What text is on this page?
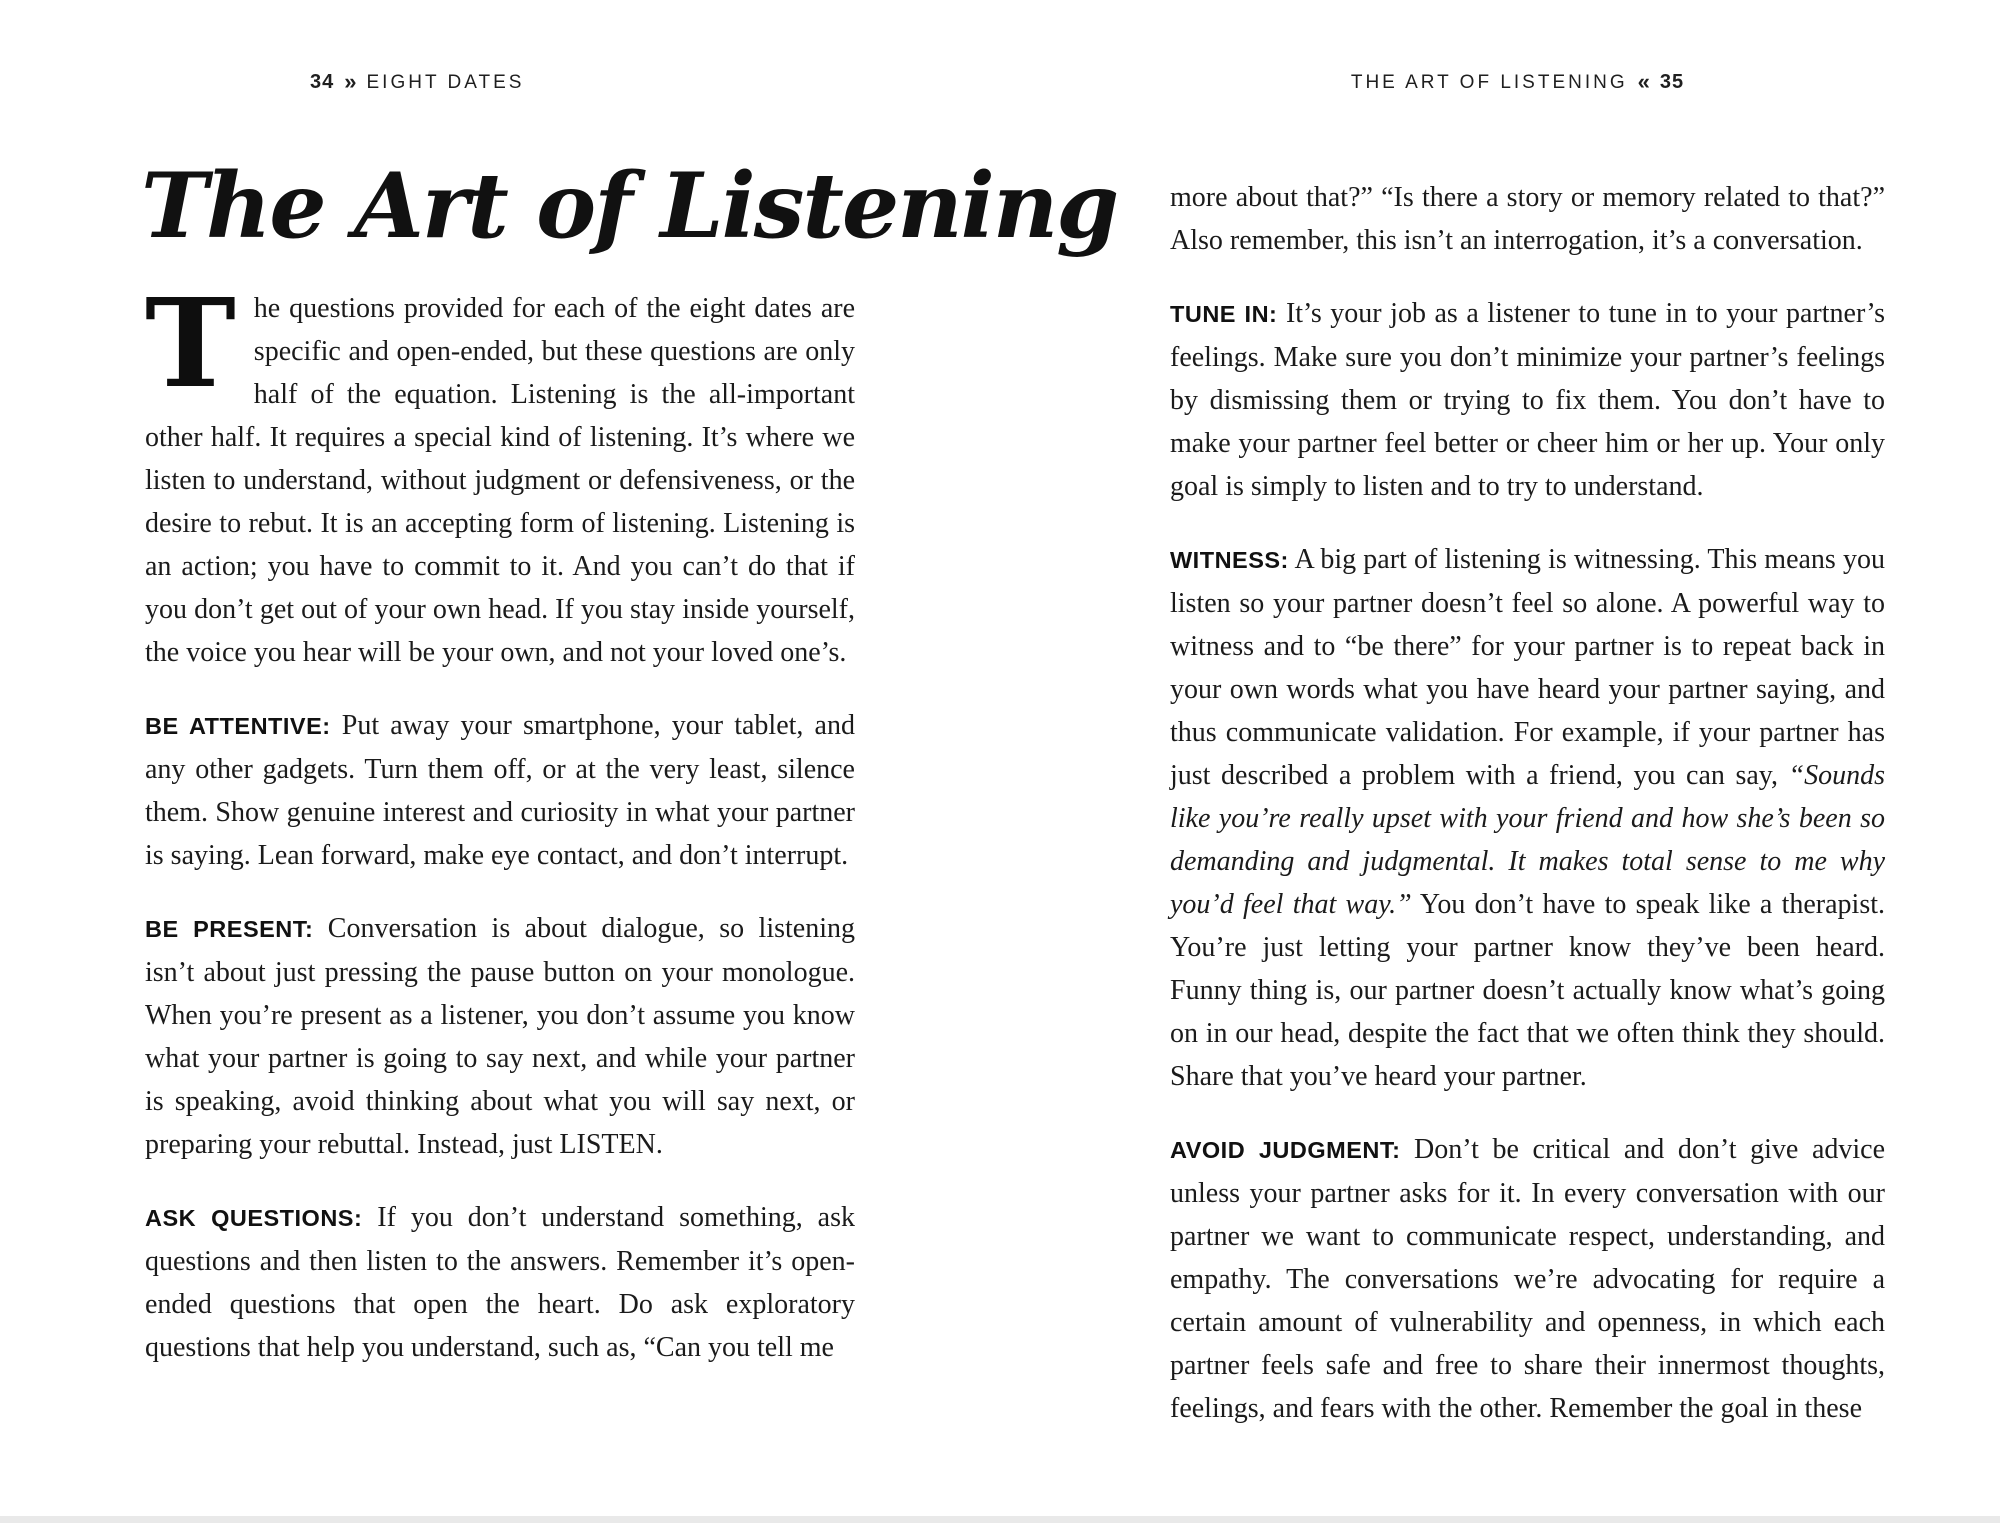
34 » EIGHT DATES
The Art of Listening

The questions provided for each of the eight dates are specific and open-ended, but these questions are only half of the equation. Listening is the all-important other half. It requires a special kind of listening. It’s where we listen to understand, without judgment or defensiveness, or the desire to rebut. It is an accepting form of listening. Listening is an action; you have to commit to it. And you can’t do that if you don’t get out of your own head. If you stay inside yourself, the voice you hear will be your own, and not your loved one’s.

BE ATTENTIVE: Put away your smartphone, your tablet, and any other gadgets. Turn them off, or at the very least, silence them. Show genuine interest and curiosity in what your partner is saying. Lean forward, make eye contact, and don’t interrupt.

BE PRESENT: Conversation is about dialogue, so listening isn’t about just pressing the pause button on your monologue. When you’re present as a listener, you don’t assume you know what your partner is going to say next, and while your partner is speaking, avoid thinking about what you will say next, or preparing your rebuttal. Instead, just LISTEN.

ASK QUESTIONS: If you don’t understand something, ask questions and then listen to the answers. Remember it’s open-ended questions that open the heart. Do ask exploratory questions that help you understand, such as, “Can you tell me

THE ART OF LISTENING « 35

more about that?” “Is there a story or memory related to that?” Also remember, this isn’t an interrogation, it’s a conversation.

TUNE IN: It’s your job as a listener to tune in to your partner’s feelings. Make sure you don’t minimize your partner’s feelings by dismissing them or trying to fix them. You don’t have to make your partner feel better or cheer him or her up. Your only goal is simply to listen and to try to understand.

WITNESS: A big part of listening is witnessing. This means you listen so your partner doesn’t feel so alone. A powerful way to witness and to “be there” for your partner is to repeat back in your own words what you have heard your partner saying, and thus communicate validation. For example, if your partner has just described a problem with a friend, you can say, “Sounds like you’re really upset with your friend and how she’s been so demanding and judgmental. It makes total sense to me why you’d feel that way.” You don’t have to speak like a therapist. You’re just letting your partner know they’ve been heard. Funny thing is, our partner doesn’t actually know what’s going on in our head, despite the fact that we often think they should. Share that you’ve heard your partner.

AVOID JUDGMENT: Don’t be critical and don’t give advice unless your partner asks for it. In every conversation with our partner we want to communicate respect, understanding, and empathy. The conversations we’re advocating for require a certain amount of vulnerability and openness, in which each partner feels safe and free to share their innermost thoughts, feelings, and fears with the other. Remember the goal in these
